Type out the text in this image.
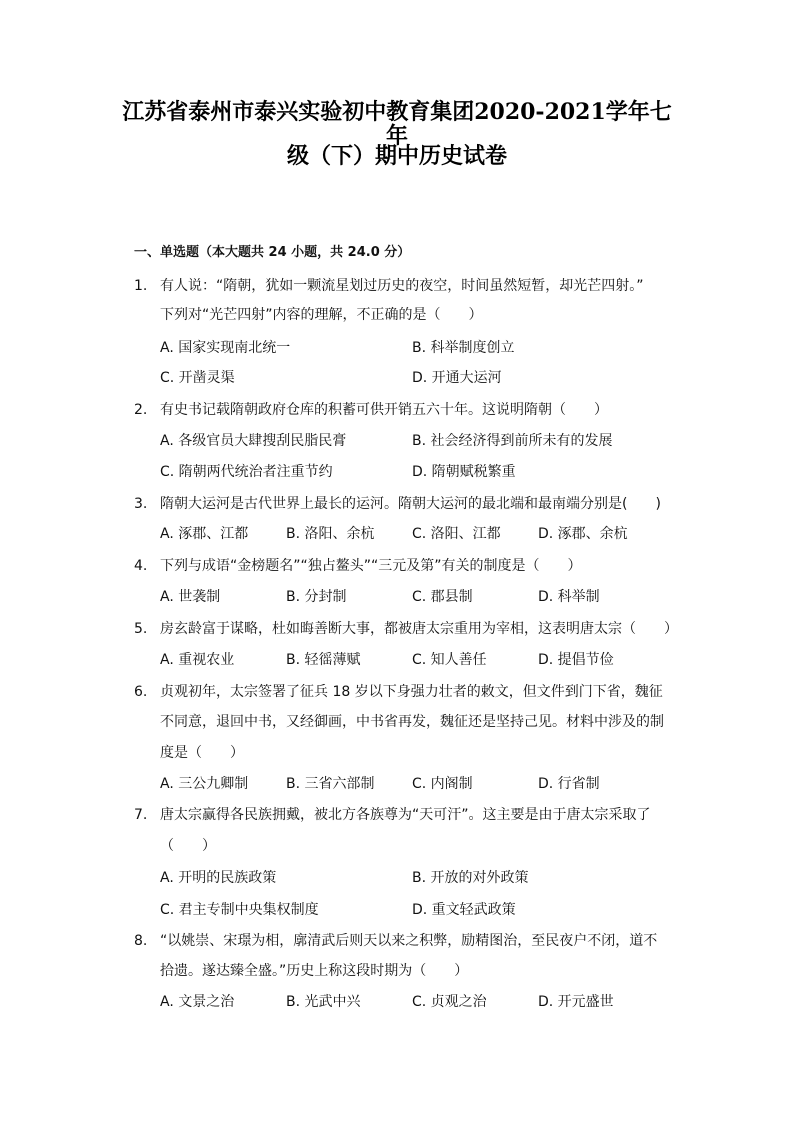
江苏省泰州市泰兴实验初中教育集团2020-2021学年七年
级（下）期中历史试卷
一、单选题（本大题共 24 小题，共 24.0 分）
1. 有人说：“隋朝，犹如一颗流星划过历史的夜空，时间虽然短暂，却光芒四射。”
下列对“光芒四射”内容的理解，不正确的是（　　）
A. 国家实现南北统一	B. 科举制度创立
C. 开凿灵渠	D. 开通大运河
2. 有史书记载隋朝政府仓库的积蓄可供开销五六十年。这说明隋朝（　　）
A. 各级官员大肆搜刮民脂民膏	B. 社会经济得到前所未有的发展
C. 隋朝两代统治者注重节约	D. 隋朝赋税繁重
3. 隋朝大运河是古代世界上最长的运河。隋朝大运河的最北端和最南端分别是(　　)
A. 涿郡、江都	B. 洛阳、余杭	C. 洛阳、江都	D. 涿郡、余杭
4. 下列与成语“金榜题名”“独占鳌头”“三元及第”有关的制度是（　　）
A. 世袭制	B. 分封制	C. 郡县制	D. 科举制
5. 房玄龄富于谋略，杜如晦善断大事，都被唐太宗重用为宰相，这表明唐太宗（　　）
A. 重视农业	B. 轻徭薄赋	C. 知人善任	D. 提倡节俭
6. 贞观初年，太宗签署了征兵 18 岁以下身强力壮者的敕文，但文件到门下省，魏征
不同意，退回中书，又经御画，中书省再发，魏征还是坚持己见。材料中涉及的制
度是（　　）
A. 三公九卿制	B. 三省六部制	C. 内阁制	D. 行省制
7. 唐太宗赢得各民族拥戴，被北方各族尊为“天可汗”。这主要是由于唐太宗采取了
（　　）
A. 开明的民族政策	B. 开放的对外政策
C. 君主专制中央集权制度	D. 重文轻武政策
8. “以姚崇、宋璟为相，廓清武后则天以来之积弊，励精图治，至民夜户不闭，道不
拾遗。遂达臻全盛。”历史上称这段时期为（　　）
A. 文景之治	B. 光武中兴	C. 贞观之治	D. 开元盛世
